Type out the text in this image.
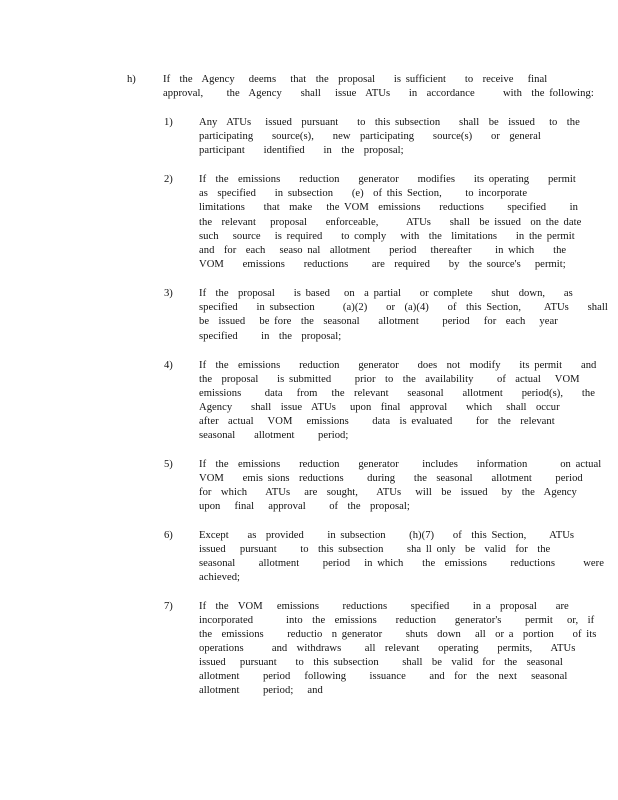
h)	If  the  Agency   deems   that  the  proposal    is sufficient    to  receive   final
approval,     the  Agency    shall   issue  ATUs    in  accordance      with  the following:
1) Any  ATUs   issued  pursuant    to  this subsection    shall  be  issued   to  the
participating    source(s),    new  participating    source(s)    or  general
participant    identified    in  the  proposal;
2) If  the  emissions    reduction    generator    modifies    its operating    permit
as  specified    in subsection    (e)  of this Section,     to incorporate
limitations    that  make   the VOM  emissions    reductions     specified     in
the  relevant   proposal    enforceable,      ATUs    shall  be issued  on the date
such   source   is required    to comply   with  the  limitations    in the permit
and  for  each   seaso nal  allotment    period   thereafter     in which    the
VOM    emissions    reductions     are  required    by  the source's   permit;
3) If  the  proposal    is based   on  a partial    or complete    shut  down,    as
specified    in subsection      (a)(2)    or  (a)(4)    of  this Section,     ATUs    shall
be  issued   be fore  the  seasonal    allotment     period   for  each   year
specified     in  the  proposal;
4) If  the  emissions    reduction    generator    does  not  modify    its permit    and
the  proposal    is submitted     prior  to  the  availability     of  actual   VOM
emissions     data   from   the  relevant    seasonal    allotment    period(s),    the
Agency    shall  issue  ATUs   upon  final  approval    which   shall  occur
after  actual   VOM   emissions     data  is evaluated     for  the  relevant
seasonal    allotment     period;
5) If  the  emissions    reduction    generator     includes    information       on actual
VOM    emis sions  reductions     during    the  seasonal    allotment     period
for  which    ATUs   are  sought,    ATUs   will  be  issued   by  the  Agency
upon   final   approval     of  the  proposal;
6) Except    as  provided     in subsection     (h)(7)    of  this Section,     ATUs
issued   pursuant     to  this subsection     sha ll only  be  valid  for  the
seasonal     allotment     period   in which    the  emissions     reductions      were
achieved;
7) If  the  VOM   emissions     reductions     specified     in a  proposal    are
incorporated       into  the  emissions    reduction    generator's     permit   or,  if
the  emissions     reductio  n generator     shuts  down   all  or a  portion    of its
operations      and  withdraws     all  relevant    operating    permits,    ATUs
issued   pursuant    to  this subsection     shall  be  valid  for  the  seasonal
allotment     period   following     issuance     and  for  the  next   seasonal
allotment     period;   and
